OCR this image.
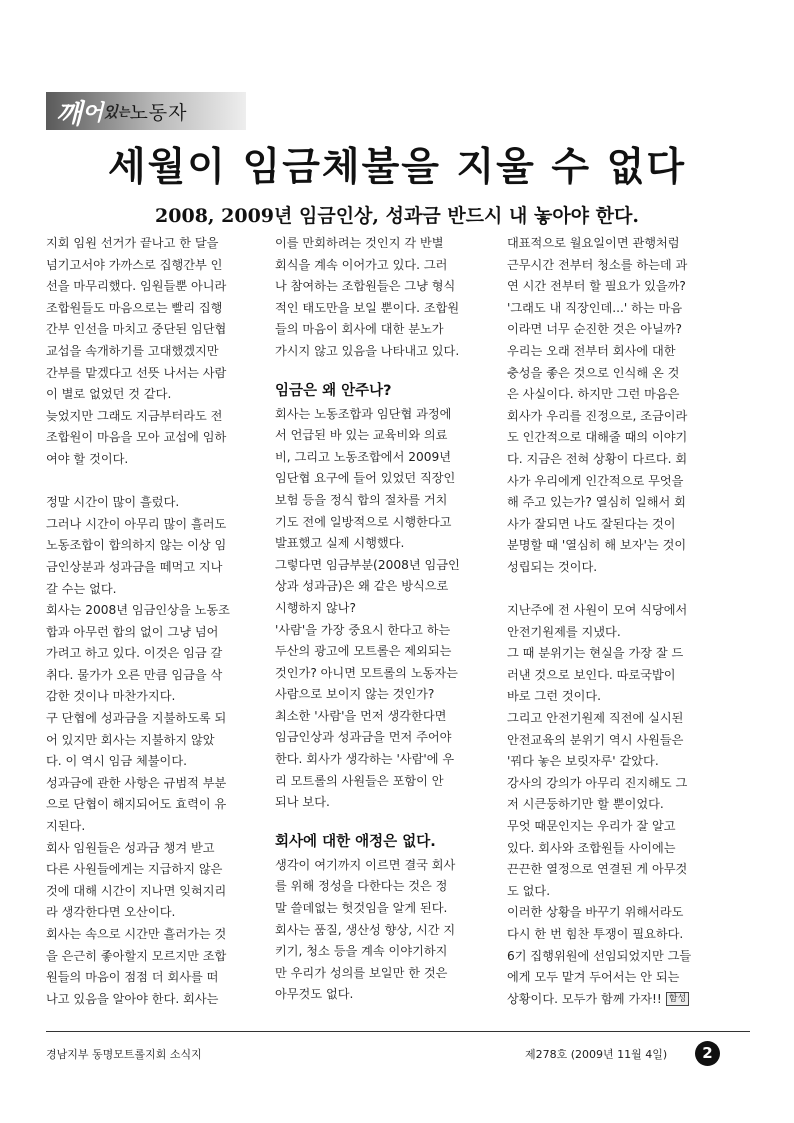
깨 어 있 는 노동자
세월이 임금체불을 지울 수 없다
2008, 2009년 임금인상, 성과금 반드시 내 놓아야 한다.
지회 임원 선거가 끝나고 한 달을
넘기고서야 가까스로 집행간부 인
선을 마무리했다. 임원들뿐 아니라
조합원들도 마음으로는 빨리 집행
간부 인선을 마치고 중단된 임단협
교섭을 속개하기를 고대했겠지만
간부를 맡겠다고 선뜻 나서는 사람
이 별로 없었던 것 같다.
늦었지만 그래도 지금부터라도 전
조합원이 마음을 모아 교섭에 임하
여야 할 것이다.
정말 시간이 많이 흘렀다.
그러나 시간이 아무리 많이 흘러도
노동조합이 합의하지 않는 이상 임
금인상분과 성과금을 떼먹고 지나
갈 수는 없다.
회사는 2008년 임금인상을 노동조
합과 아무런 합의 없이 그냥 넘어
가려고 하고 있다. 이것은 임금 갈
취다. 물가가 오른 만큼 임금을 삭
감한 것이나 마찬가지다.
구 단협에 성과금을 지불하도록 되
어 있지만 회사는 지불하지 않았
다. 이 역시 임금 체불이다.
성과금에 관한 사항은 규범적 부분
으로 단협이 해지되어도 효력이 유
지된다.
회사 임원들은 성과금 챙겨 받고
다른 사원들에게는 지급하지 않은
것에 대해 시간이 지나면 잊혀지리
라 생각한다면 오산이다.
회사는 속으로 시간만 흘러가는 것
을 은근히 좋아할지 모르지만 조합
원들의 마음이 점점 더 회사를 떠
나고 있음을 알아야 한다. 회사는
이를 만회하려는 것인지 각 반별
회식을 계속 이어가고 있다. 그러
나 참여하는 조합원들은 그냥 형식
적인 태도만을 보일 뿐이다. 조합원
들의 마음이 회사에 대한 분노가
가시지 않고 있음을 나타내고 있다.
임금은 왜 안주나?
회사는 노동조합과 임단협 과정에
서 언급된 바 있는 교육비와 의료
비, 그리고 노동조합에서 2009년
임단협 요구에 들어 있었던 직장인
보험 등을 정식 합의 절차를 거치
기도 전에 일방적으로 시행한다고
발표했고 실제 시행했다.
그렇다면 임금부분(2008년 임금인
상과 성과금)은 왜 같은 방식으로
시행하지 않나?
'사람'을 가장 중요시 한다고 하는
두산의 광고에 모트롤은 제외되는
것인가? 아니면 모트롤의 노동자는
사람으로 보이지 않는 것인가?
최소한 '사람'을 먼저 생각한다면
임금인상과 성과금을 먼저 주어야
한다. 회사가 생각하는 '사람'에 우
리 모트롤의 사원들은 포함이 안
되나 보다.
회사에 대한 애정은 없다.
생각이 여기까지 이르면 결국 회사
를 위해 정성을 다한다는 것은 정
말 쓸데없는 헛것임을 알게 된다.
회사는 품질, 생산성 향상, 시간 지
키기, 청소 등을 계속 이야기하지
만 우리가 성의를 보일만 한 것은
아무것도 없다.
대표적으로 월요일이면 관행처럼
근무시간 전부터 청소를 하는데 과
연 시간 전부터 할 필요가 있을까?
'그래도 내 직장인데...' 하는 마음
이라면 너무 순진한 것은 아닐까?
우리는 오래 전부터 회사에 대한
충성을 좋은 것으로 인식해 온 것
은 사실이다. 하지만 그런 마음은
회사가 우리를 진정으로, 조금이라
도 인간적으로 대해줄 때의 이야기
다. 지금은 전혀 상황이 다르다. 회
사가 우리에게 인간적으로 무엇을
해 주고 있는가? 열심히 일해서 회
사가 잘되면 나도 잘된다는 것이
분명할 때 '열심히 해 보자'는 것이
성립되는 것이다.
지난주에 전 사원이 모여 식당에서
안전기원제를 지냈다.
그 때 분위기는 현실을 가장 잘 드
러낸 것으로 보인다. 따로국밥이
바로 그런 것이다.
그리고 안전기원제 직전에 실시된
안전교육의 분위기 역시 사원들은
'꿔다 놓은 보릿자루' 같았다.
강사의 강의가 아무리 진지해도 그
저 시큰둥하기만 할 뿐이었다.
무엇 때문인지는 우리가 잘 알고
있다. 회사와 조합원들 사이에는
끈끈한 열정으로 연결된 게 아무것
도 없다.
이러한 상황을 바꾸기 위해서라도
다시 한 번 힘찬 투쟁이 필요하다.
6기 집행위원에 선임되었지만 그들
에게 모두 맡겨 두어서는 안 되는
상황이다. 모두가 함께 가자!! 함성
경남지부 동명모트롤지회 소식지	제278호 (2009년 11월 4일)	2
